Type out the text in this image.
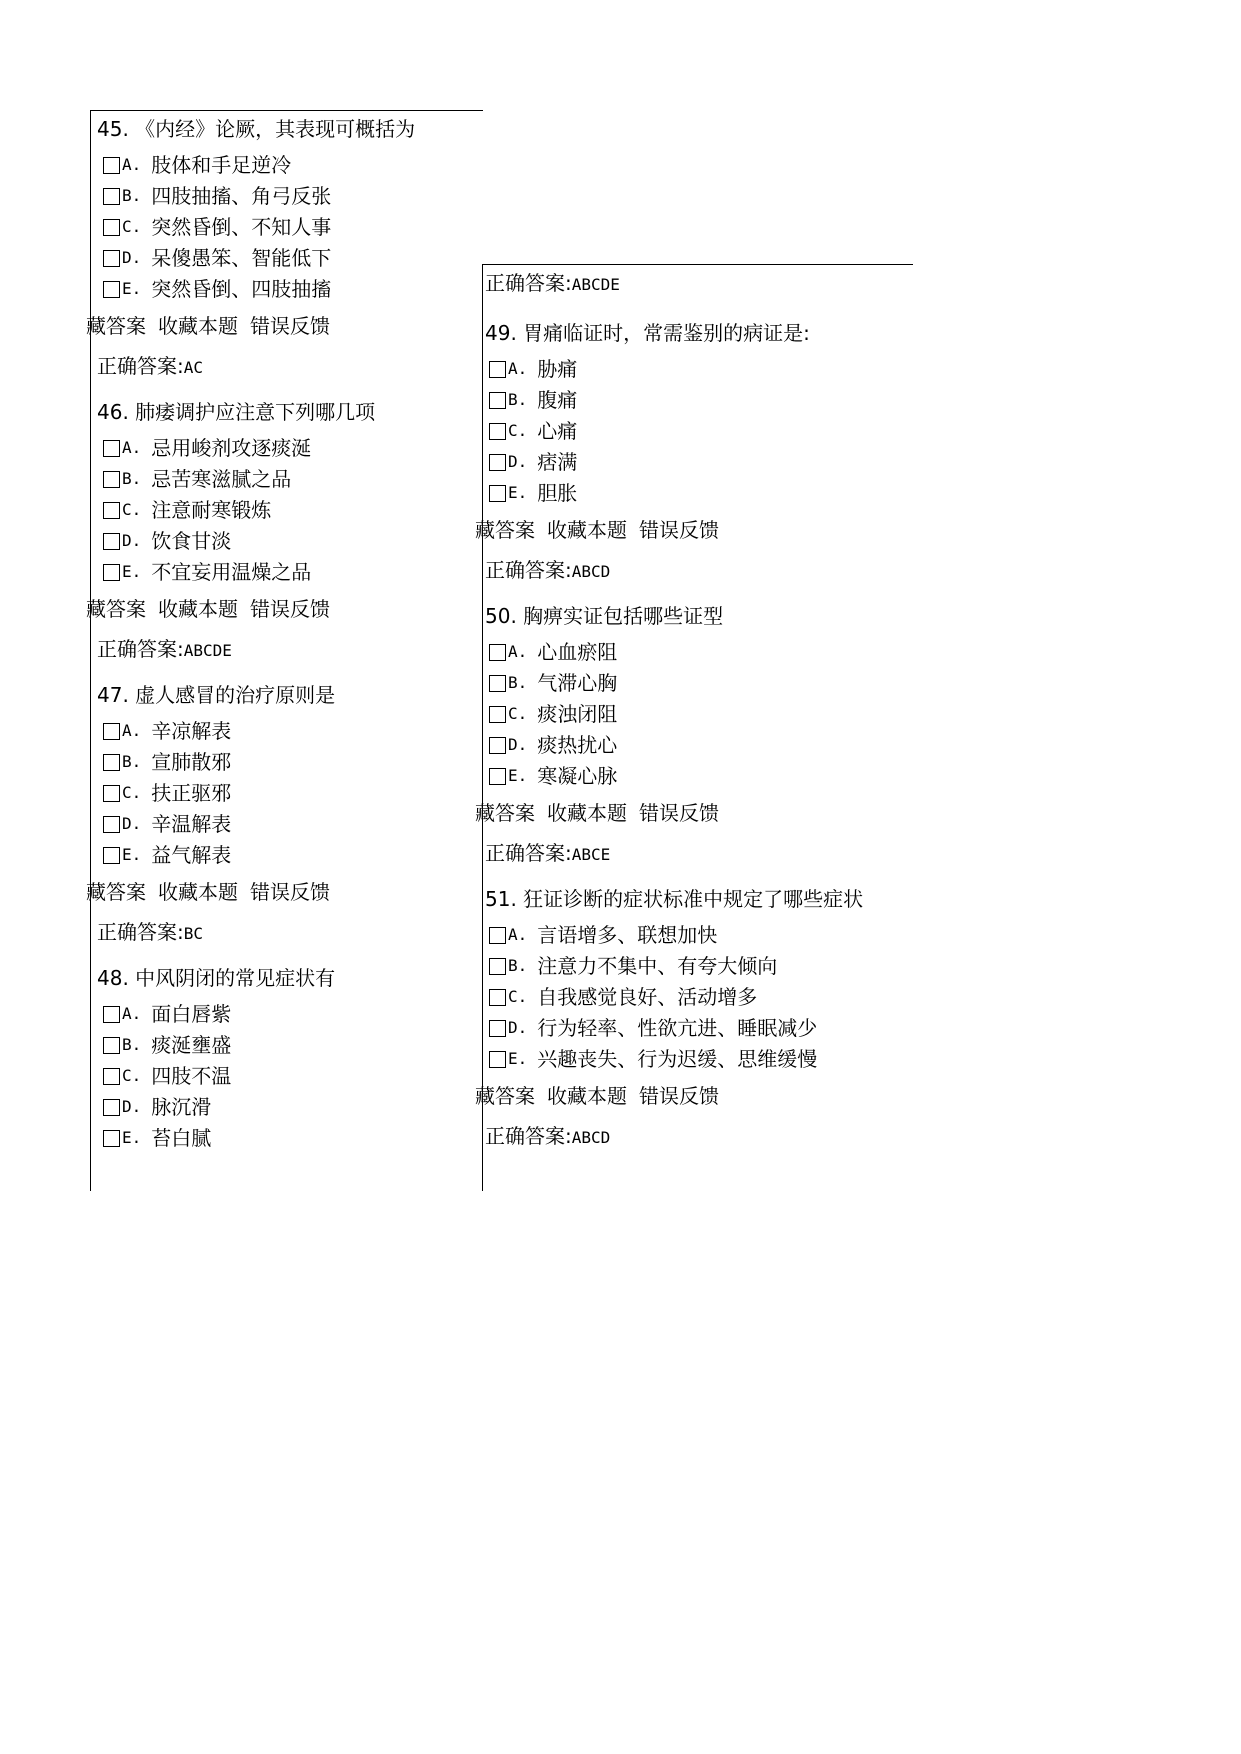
45. 《内经》论厥，其表现可概括为
A. 肢体和手足逆冷
B. 四肢抽搐、角弓反张
C. 突然昏倒、不知人事
D. 呆傻愚笨、智能低下
E. 突然昏倒、四肢抽搐
藏答案 收藏本题 错误反馈
正确答案:AC
46. 肺痿调护应注意下列哪几项
A. 忌用峻剂攻逐痰涎
B. 忌苦寒滋腻之品
C. 注意耐寒锻炼
D. 饮食甘淡
E. 不宜妄用温燥之品
藏答案 收藏本题 错误反馈
正确答案:ABCDE
47. 虚人感冒的治疗原则是
A. 辛凉解表
B. 宣肺散邪
C. 扶正驱邪
D. 辛温解表
E. 益气解表
藏答案 收藏本题 错误反馈
正确答案:BC
48. 中风阴闭的常见症状有
A. 面白唇紫
B. 痰涎壅盛
C. 四肢不温
D. 脉沉滑
E. 苔白腻
正确答案:ABCDE
49. 胃痛临证时，常需鉴别的病证是:
A. 胁痛
B. 腹痛
C. 心痛
D. 痞满
E. 胆胀
藏答案 收藏本题 错误反馈
正确答案:ABCD
50. 胸痹实证包括哪些证型
A. 心血瘀阻
B. 气滞心胸
C. 痰浊闭阻
D. 痰热扰心
E. 寒凝心脉
藏答案 收藏本题 错误反馈
正确答案:ABCE
51. 狂证诊断的症状标准中规定了哪些症状
A. 言语增多、联想加快
B. 注意力不集中、有夸大倾向
C. 自我感觉良好、活动增多
D. 行为轻率、性欲亢进、睡眠减少
E. 兴趣丧失、行为迟缓、思维缓慢
藏答案 收藏本题 错误反馈
正确答案:ABCD
